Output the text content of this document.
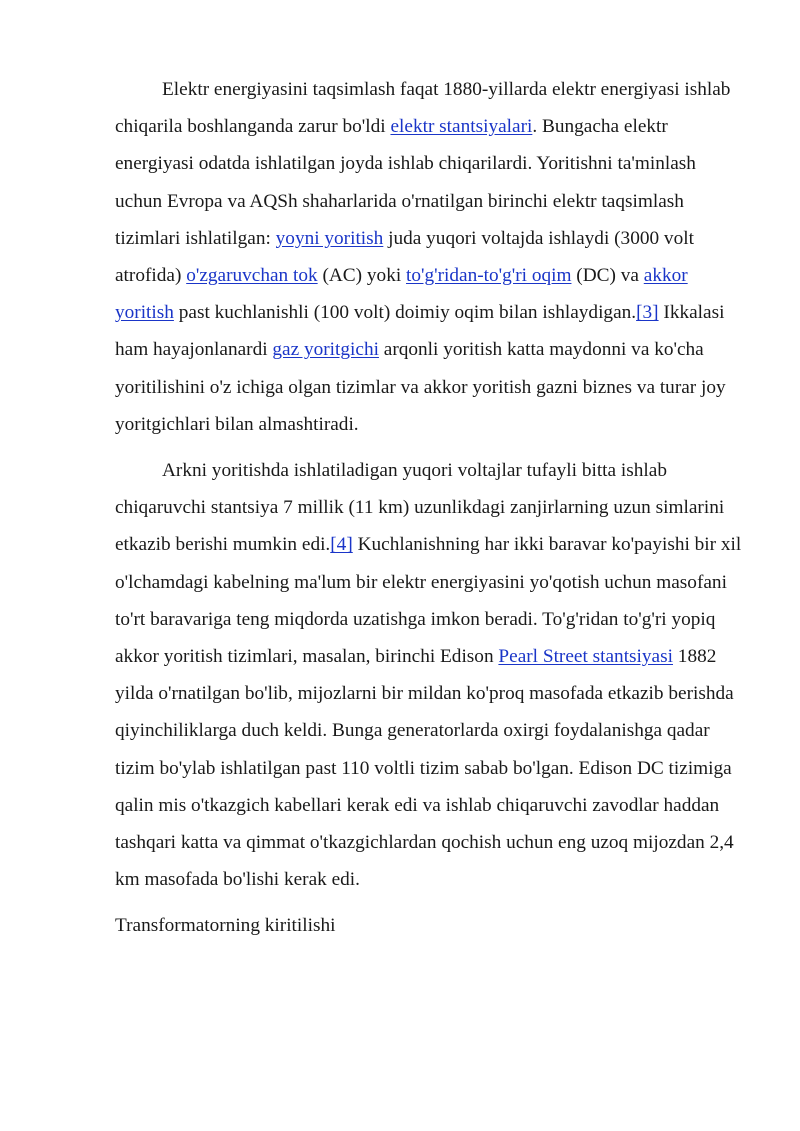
Elektr energiyasini taqsimlash faqat 1880-yillarda elektr energiyasi ishlab chiqarila boshlanganda zarur bo'ldi elektr stantsiyalari. Bungacha elektr energiyasi odatda ishlatilgan joyda ishlab chiqarilardi. Yoritishni ta'minlash uchun Evropa va AQSh shaharlarida o'rnatilgan birinchi elektr taqsimlash tizimlari ishlatilgan: yoyni yoritish juda yuqori voltajda ishlaydi (3000 volt atrofida) o'zgaruvchan tok (AC) yoki to'g'ridan-to'g'ri oqim (DC) va akkor yoritish past kuchlanishli (100 volt) doimiy oqim bilan ishlaydigan.[3] Ikkalasi ham hayajonlanardi gaz yoritgichi arqonli yoritish katta maydonni va ko'cha yoritilishini o'z ichiga olgan tizimlar va akkor yoritish gazni biznes va turar joy yoritgichlari bilan almashtiradi.

Arkni yoritishda ishlatiladigan yuqori voltajlar tufayli bitta ishlab chiqaruvchi stantsiya 7 millik (11 km) uzunlikdagi zanjirlarning uzun simlarini etkazib berishi mumkin edi.[4] Kuchlanishning har ikki baravar ko'payishi bir xil o'lchamdagi kabelning ma'lum bir elektr energiyasini yo'qotish uchun masofani to'rt baravariga teng miqdorda uzatishga imkon beradi. To'g'ridan to'g'ri yopiq akkor yoritish tizimlari, masalan, birinchi Edison Pearl Street stantsiyasi 1882 yilda o'rnatilgan bo'lib, mijozlarni bir mildan ko'proq masofada etkazib berishda qiyinchiliklarga duch keldi. Bunga generatorlarda oxirgi foydalanishga qadar tizim bo'ylab ishlatilgan past 110 voltli tizim sabab bo'lgan. Edison DC tizimiga qalin mis o'tkazgich kabellari kerak edi va ishlab chiqaruvchi zavodlar haddan tashqari katta va qimmat o'tkazgichlardan qochish uchun eng uzoq mijozdan 2,4 km masofada bo'lishi kerak edi.

Transformatorning kiritilishi
